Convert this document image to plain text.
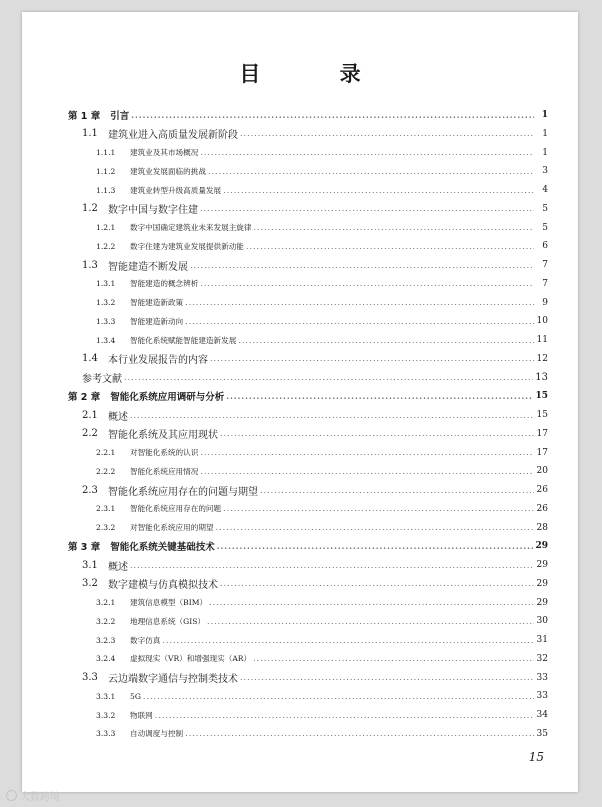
目 录
第 1 章 引言 .....	1
1.1 建筑业进入高质量发展新阶段 .....	1
1.1.1	建筑业及其市场概况 .....	1
1.1.2	建筑业发展面临的挑战 .....	3
1.1.3	建筑业转型升级高质量发展 .....	4
1.2 数字中国与数字住建 .....	5
1.2.1	数字中国确定建筑业未来发展主旋律 .....	5
1.2.2	数字住建为建筑业发展提供新动能 .....	6
1.3 智能建造不断发展 .....	7
1.3.1	智能建造的概念辨析 .....	7
1.3.2	智能建造新政策 .....	9
1.3.3	智能建造新动向 .....	10
1.3.4	智能化系统赋能智能建造新发展 .....	11
1.4 本行业发展报告的内容 .....	12
参考文献 .....	13
第 2 章 智能化系统应用调研与分析 .....	15
2.1 概述 .....	15
2.2 智能化系统及其应用现状 .....	17
2.2.1	对智能化系统的认识 .....	17
2.2.2	智能化系统应用情况 .....	20
2.3 智能化系统应用存在的问题与期望 .....	26
2.3.1	智能化系统应用存在的问题 .....	26
2.3.2	对智能化系统应用的期望 .....	28
第 3 章 智能化系统关键基础技术 .....	29
3.1 概述 .....	29
3.2 数字建模与仿真模拟技术 .....	29
3.2.1	建筑信息模型（BIM） .....	29
3.2.2	地理信息系统（GIS） .....	30
3.2.3	数字仿真 .....	31
3.2.4	虚拟现实（VR）和增强现实（AR） .....	32
3.3 云边端数字通信与控制类技术 .....	33
3.3.1	5G .....	33
3.3.2	物联网 .....	34
3.3.3	自动调度与控制 .....	35
15
大数跨境
